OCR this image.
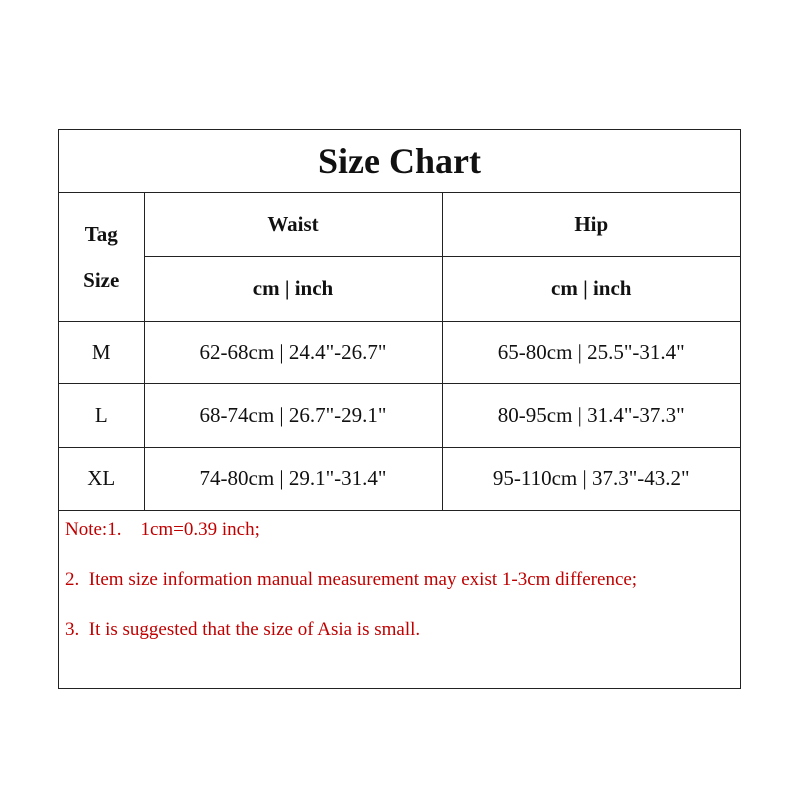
Size Chart
Tag
Size	Waist	Hip
	cm | inch	cm | inch
M	62-68cm | 24.4"-26.7"	65-80cm | 25.5"-31.4"
L	68-74cm | 26.7"-29.1"	80-95cm | 31.4"-37.3"
XL	74-80cm | 29.1"-31.4"	95-110cm | 37.3"-43.2"
Note:1.    1cm=0.39 inch;
2.  Item size information manual measurement may exist 1-3cm difference;
3.  It is suggested that the size of Asia is small.
